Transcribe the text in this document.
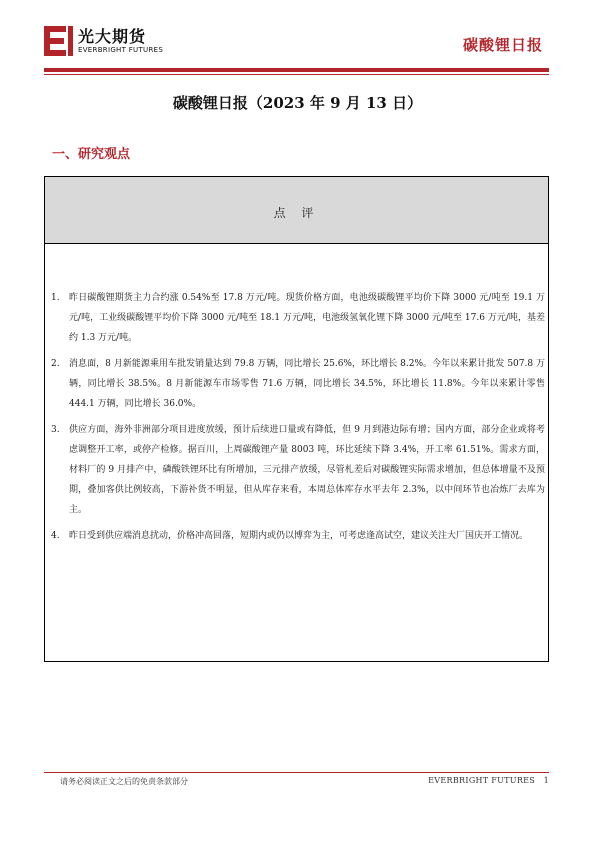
光大期货
EVERBRIGHT FUTURES	碳酸锂日报
碳酸锂日报（2023 年 9 月 13 日）
一、研究观点
点 评
1.	昨日碳酸锂期货主力合约涨 0.54%至 17.8 万元/吨。现货价格方面，电池级碳酸锂平均价下降 3000 元/吨至 19.1 万元/吨，工业级碳酸锂平均价下降 3000 元/吨至 18.1 万元/吨，电池级氢氧化锂下降 3000 元/吨至 17.6 万元/吨，基差约 1.3 万元/吨。
2.	消息面，8 月新能源乘用车批发销量达到 79.8 万辆，同比增长 25.6%，环比增长 8.2%。今年以来累计批发 507.8 万辆，同比增长 38.5%。8 月新能源车市场零售 71.6 万辆，同比增长 34.5%，环比增长 11.8%。今年以来累计零售 444.1 万辆，同比增长 36.0%。
3.	供应方面，海外非洲部分项目进度放缓，预计后续进口量或有降低，但 9 月到港边际有增；国内方面，部分企业或将考虑调整开工率，或停产检修。据百川，上周碳酸锂产量 8003 吨，环比延续下降 3.4%，开工率 61.51%。需求方面，材料厂的 9 月排产中，磷酸铁锂环比有所增加，三元排产放缓，尽管札差后对碳酸锂实际需求增加，但总体增量不及预期，叠加客供比例较高，下游补货不明显，但从库存来看，本周总体库存水平去年 2.3%，以中间环节也冶炼厂去库为主。
4.	昨日受到供应端消息扰动，价格冲高回落，短期内或仍以博弈为主，可考虑逢高试空，建议关注大厂国庆开工情况。
请务必阅读正文之后的免责条款部分	EVERBRIGHT FUTURES 1
